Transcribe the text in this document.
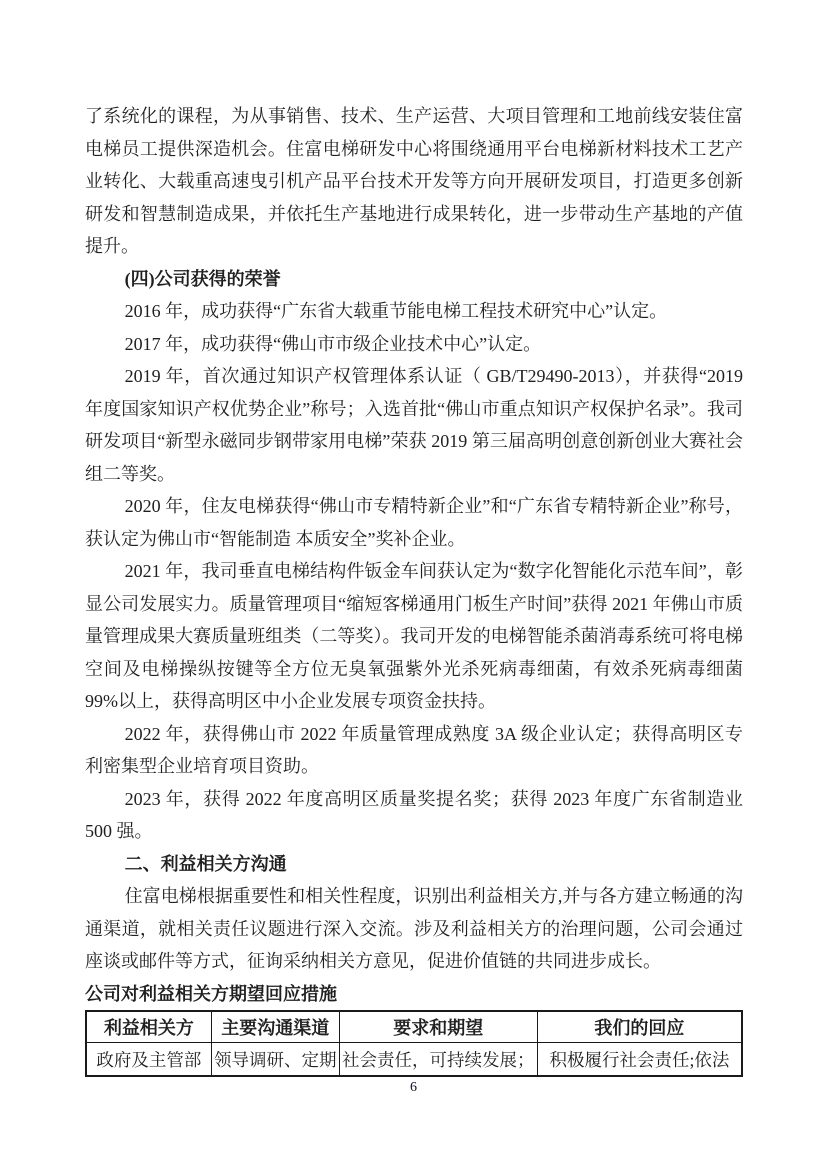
了系统化的课程，为从事销售、技术、生产运营、大项目管理和工地前线安装住富电梯员工提供深造机会。住富电梯研发中心将围绕通用平台电梯新材料技术工艺产业转化、大载重高速曳引机产品平台技术开发等方向开展研发项目，打造更多创新研发和智慧制造成果，并依托生产基地进行成果转化，进一步带动生产基地的产值提升。

(四)公司获得的荣誉

2016 年，成功获得“广东省大载重节能电梯工程技术研究中心”认定。

2017 年，成功获得“佛山市市级企业技术中心”认定。

2019 年，首次通过知识产权管理体系认证（ GB/T29490-2013），并获得“2019 年度国家知识产权优势企业”称号；入选首批“佛山市重点知识产权保护名录”。我司研发项目“新型永磁同步钢带家用电梯”荣获 2019 第三届高明创意创新创业大赛社会组二等奖。

2020 年，住友电梯获得“佛山市专精特新企业”和“广东省专精特新企业”称号，获认定为佛山市“智能制造 本质安全”奖补企业。

2021 年，我司垂直电梯结构件钣金车间获认定为“数字化智能化示范车间”，彰显公司发展实力。质量管理项目“缩短客梯通用门板生产时间”获得 2021 年佛山市质量管理成果大赛质量班组类（二等奖）。我司开发的电梯智能杀菌消毒系统可将电梯空间及电梯操纵按键等全方位无臭氧强紫外光杀死病毒细菌，有效杀死病毒细菌99%以上，获得高明区中小企业发展专项资金扶持。

2022 年，获得佛山市 2022 年质量管理成熟度 3A 级企业认定；获得高明区专利密集型企业培育项目资助。

2023 年，获得 2022 年度高明区质量奖提名奖；获得 2023 年度广东省制造业 500 强。

二、利益相关方沟通

住富电梯根据重要性和相关性程度，识别出利益相关方,并与各方建立畅通的沟通渠道，就相关责任议题进行深入交流。涉及利益相关方的治理问题，公司会通过座谈或邮件等方式，征询采纳相关方意见，促进价值链的共同进步成长。

公司对利益相关方期望回应措施

利益相关方	主要沟通渠道	要求和期望	我们的回应
政府及主管部	领导调研、定期	社会责任，可持续发展；	积极履行社会责任;依法
6
